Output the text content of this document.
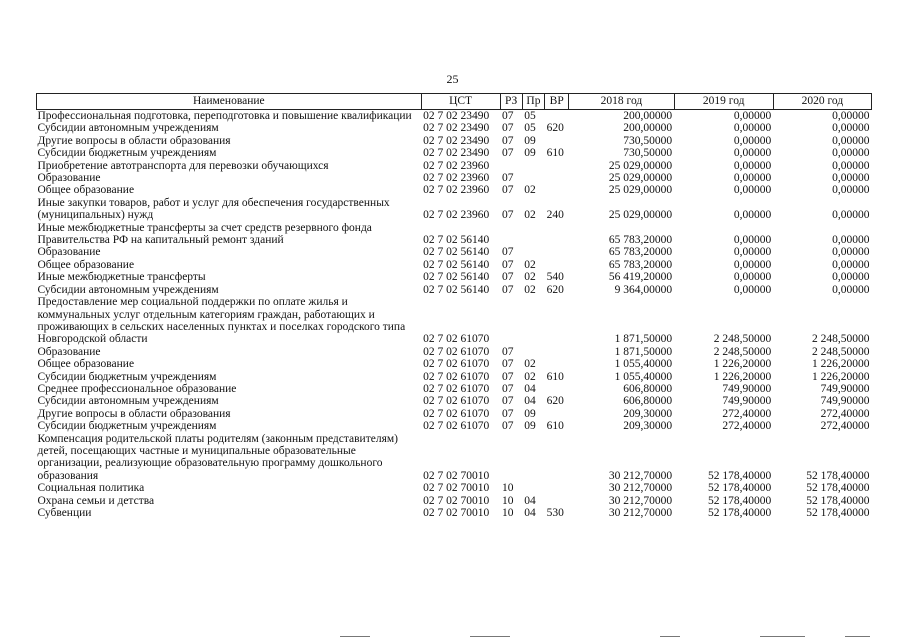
25
Наименование	ЦСТ	РЗ	Пр	ВР	2018 год	2019 год	2020 год
Профессиональная подготовка, переподготовка и повышение квалификации	02 7 02 23490	07	05		200,00000	0,00000	0,00000
Субсидии автономным учреждениям	02 7 02 23490	07	05	620	200,00000	0,00000	0,00000
Другие вопросы в области образования	02 7 02 23490	07	09		730,50000	0,00000	0,00000
Субсидии бюджетным учреждениям	02 7 02 23490	07	09	610	730,50000	0,00000	0,00000
Приобретение автотранспорта для перевозки обучающихся	02 7 02 23960				25 029,00000	0,00000	0,00000
Образование	02 7 02 23960	07			25 029,00000	0,00000	0,00000
Общее образование	02 7 02 23960	07	02		25 029,00000	0,00000	0,00000
Иные закупки товаров, работ и услуг для обеспечения государственных (муниципальных) нужд	02 7 02 23960	07	02	240	25 029,00000	0,00000	0,00000
Иные межбюджетные трансферты за счет средств резервного фонда Правительства РФ на капитальный ремонт зданий	02 7 02 56140				65 783,20000	0,00000	0,00000
Образование	02 7 02 56140	07			65 783,20000	0,00000	0,00000
Общее образование	02 7 02 56140	07	02		65 783,20000	0,00000	0,00000
Иные межбюджетные трансферты	02 7 02 56140	07	02	540	56 419,20000	0,00000	0,00000
Субсидии автономным учреждениям	02 7 02 56140	07	02	620	9 364,00000	0,00000	0,00000
Предоставление мер социальной поддержки по оплате жилья и коммунальных услуг отдельным категориям граждан, работающих и проживающих в сельских населенных пунктах и поселках городского типа Новгородской области	02 7 02 61070				1 871,50000	2 248,50000	2 248,50000
Образование	02 7 02 61070	07			1 871,50000	2 248,50000	2 248,50000
Общее образование	02 7 02 61070	07	02		1 055,40000	1 226,20000	1 226,20000
Субсидии бюджетным учреждениям	02 7 02 61070	07	02	610	1 055,40000	1 226,20000	1 226,20000
Среднее профессиональное образование	02 7 02 61070	07	04		606,80000	749,90000	749,90000
Субсидии автономным учреждениям	02 7 02 61070	07	04	620	606,80000	749,90000	749,90000
Другие вопросы в области образования	02 7 02 61070	07	09		209,30000	272,40000	272,40000
Субсидии бюджетным учреждениям	02 7 02 61070	07	09	610	209,30000	272,40000	272,40000
Компенсация родительской платы родителям (законным представителям) детей, посещающих частные и муниципальные образовательные организации, реализующие образовательную программу дошкольного образования	02 7 02 70010				30 212,70000	52 178,40000	52 178,40000
Социальная политика	02 7 02 70010	10			30 212,70000	52 178,40000	52 178,40000
Охрана семьи и детства	02 7 02 70010	10	04		30 212,70000	52 178,40000	52 178,40000
Субвенции	02 7 02 70010	10	04	530	30 212,70000	52 178,40000	52 178,40000
